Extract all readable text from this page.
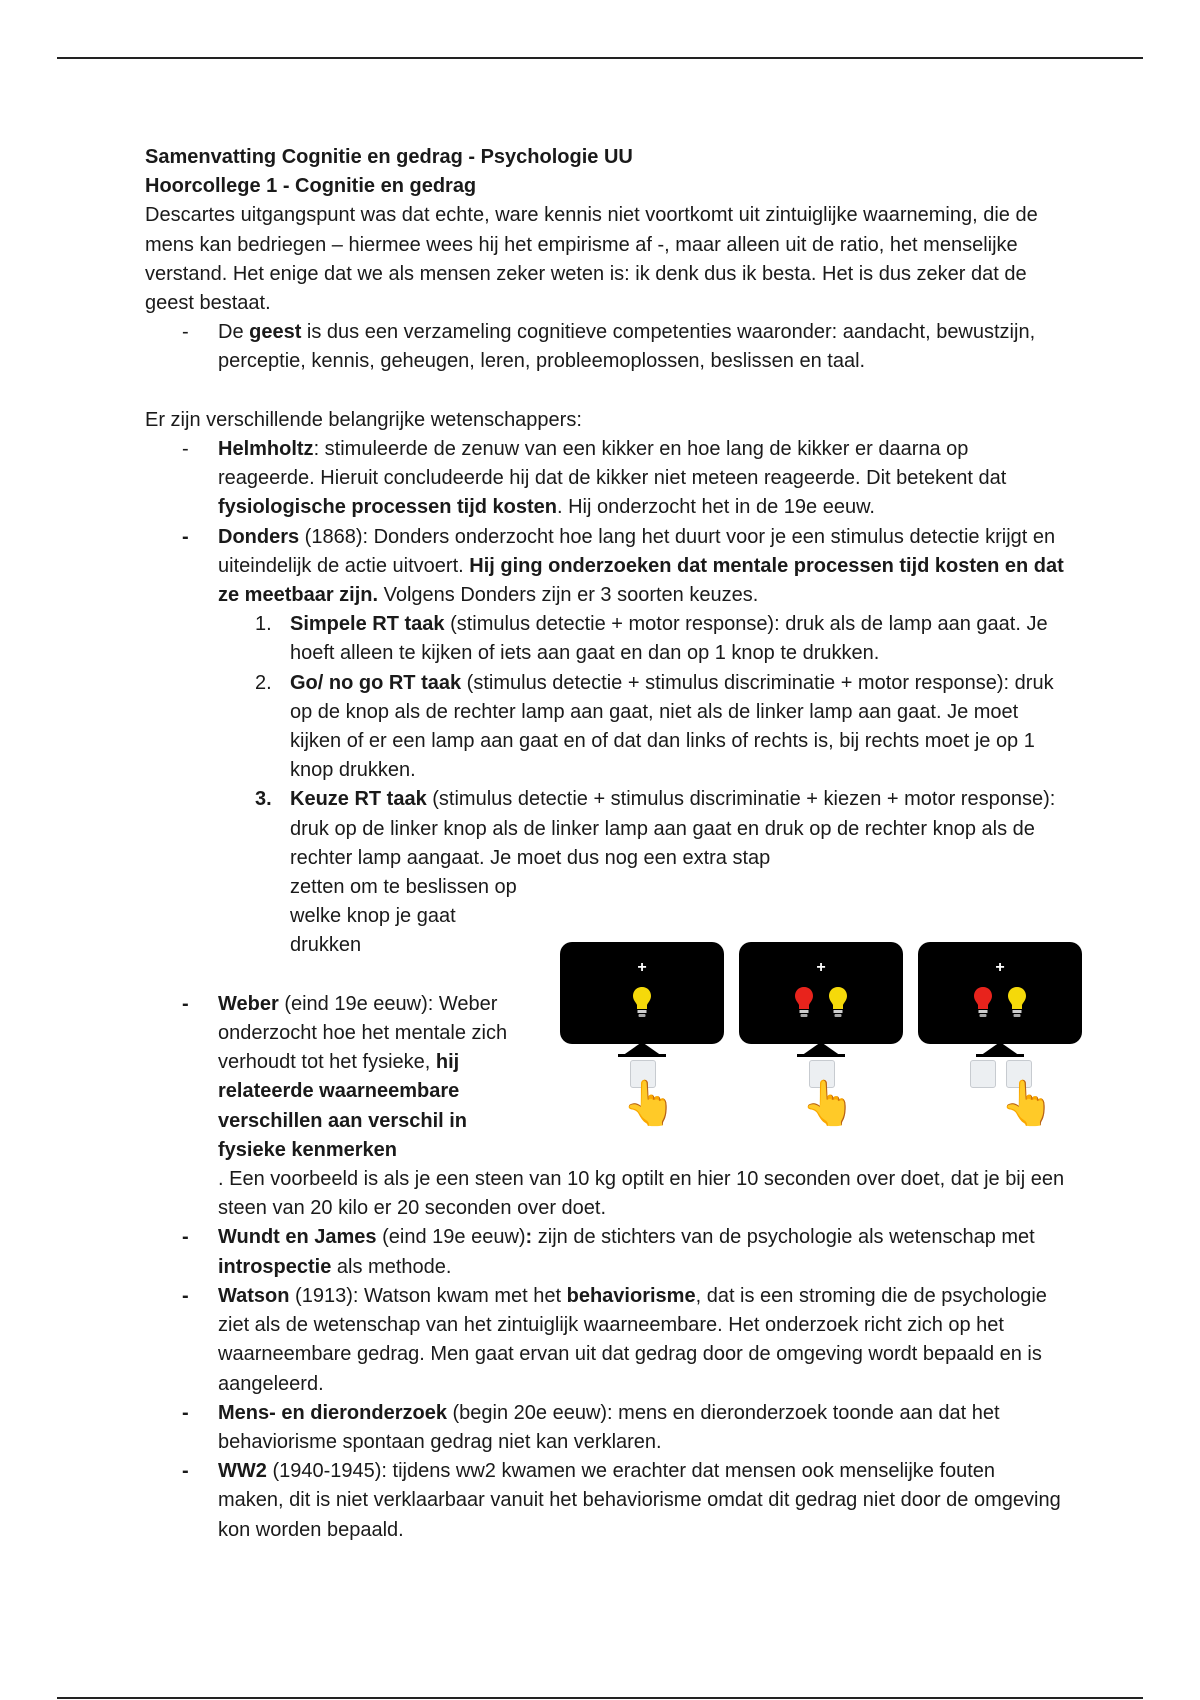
Samenvatting Cognitie en gedrag - Psychologie UU

Hoorcollege 1 - Cognitie en gedrag

Descartes uitgangspunt was dat echte, ware kennis niet voortkomt uit zintuiglijke waarneming, die de mens kan bedriegen – hiermee wees hij het empirisme af -, maar alleen uit de ratio, het menselijke verstand. Het enige dat we als mensen zeker weten is: ik denk dus ik besta. Het is dus zeker dat de geest bestaat.

- De geest is dus een verzameling cognitieve competenties waaronder: aandacht, bewustzijn, perceptie, kennis, geheugen, leren, probleemoplossen, beslissen en taal.

Er zijn verschillende belangrijke wetenschappers:

- Helmholtz: stimuleerde de zenuw van een kikker en hoe lang de kikker er daarna op reageerde. Hieruit concludeerde hij dat de kikker niet meteen reageerde. Dit betekent dat fysiologische processen tijd kosten. Hij onderzocht het in de 19e eeuw.
- Donders (1868): Donders onderzocht hoe lang het duurt voor je een stimulus detectie krijgt en uiteindelijk de actie uitvoert. Hij ging onderzoeken dat mentale processen tijd kosten en dat ze meetbaar zijn. Volgens Donders zijn er 3 soorten keuzes.
1. Simpele RT taak (stimulus detectie + motor response): druk als de lamp aan gaat. Je hoeft alleen te kijken of iets aan gaat en dan op 1 knop te drukken.
2. Go/ no go RT taak (stimulus detectie + stimulus discriminatie + motor response): druk op de knop als de rechter lamp aan gaat, niet als de linker lamp aan gaat. Je moet kijken of er een lamp aan gaat en of dat dan links of rechts is, bij rechts moet je op 1 knop drukken.
3. Keuze RT taak (stimulus detectie + stimulus discriminatie + kiezen + motor response): druk op de linker knop als de linker lamp aan gaat en druk op de rechter knop als de rechter lamp aangaat. Je moet dus nog een extra stap
zetten om te beslissen op welke knop je gaat drukken
- Weber (eind 19e eeuw): Weber onderzocht hoe het mentale zich verhoudt tot het fysieke, hij relateerde waarneembare verschillen aan verschil in fysieke kenmerken
. Een voorbeeld is als je een steen van 10 kg optilt en hier 10 seconden over doet, dat je bij een steen van 20 kilo er 20 seconden over doet.
- Wundt en James (eind 19e eeuw): zijn de stichters van de psychologie als wetenschap met introspectie als methode.
- Watson (1913): Watson kwam met het behaviorisme, dat is een stroming die de psychologie ziet als de wetenschap van het zintuiglijk waarneembare. Het onderzoek richt zich op het waarneembare gedrag. Men gaat ervan uit dat gedrag door de omgeving wordt bepaald en is aangeleerd.
- Mens- en dieronderzoek (begin 20e eeuw): mens en dieronderzoek toonde aan dat het behaviorisme spontaan gedrag niet kan verklaren.
- WW2 (1940-1945): tijdens ww2 kwamen we erachter dat mensen ook menselijke fouten maken, dit is niet verklaarbaar vanuit het behaviorisme omdat dit gedrag niet door de omgeving kon worden bepaald.
+
👆
+
👆
+
👆
